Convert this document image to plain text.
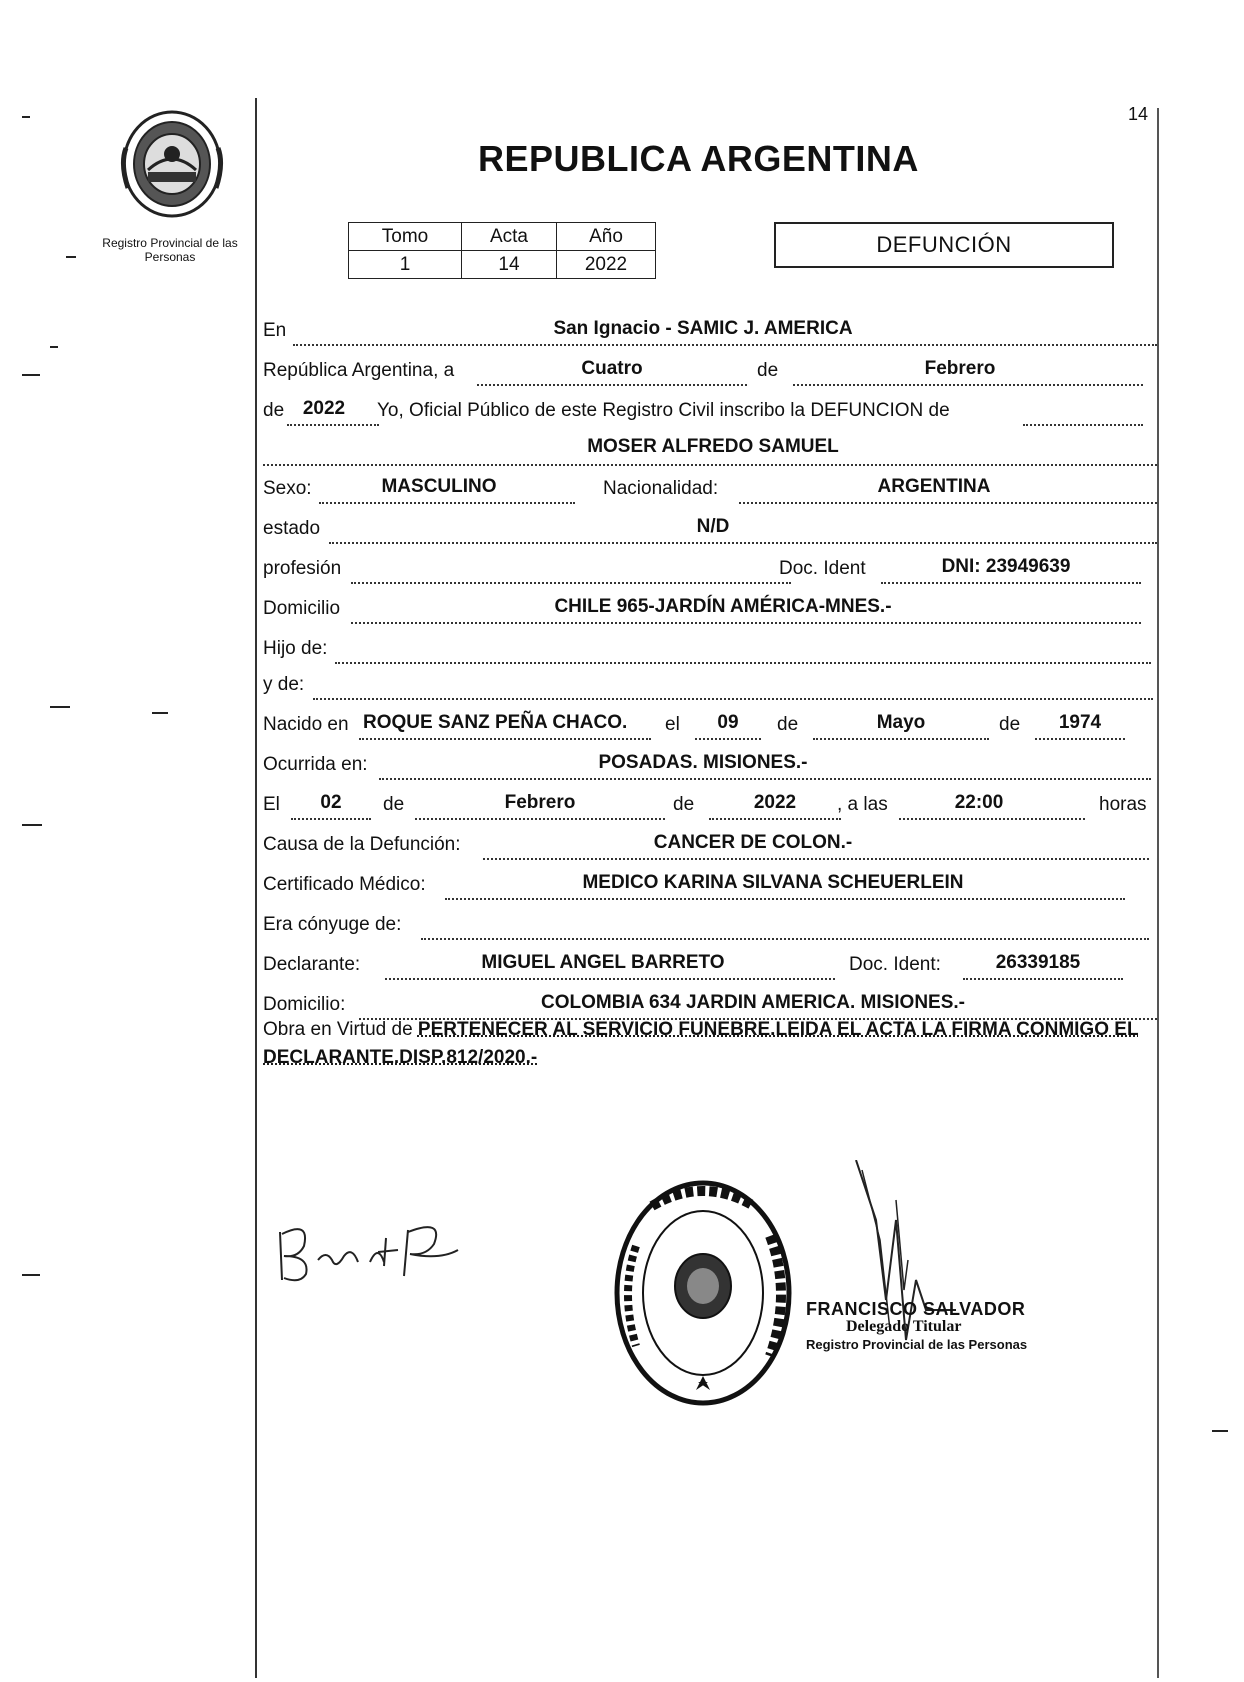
14
Registro Provincial de las Personas
REPUBLICA ARGENTINA
Tomo	Acta	Año
1	14	2022
DEFUNCIÓN
En	San Ignacio - SAMIC J. AMERICA
República Argentina, a	Cuatro	de	Febrero
de 2022	Yo, Oficial Público de este Registro Civil inscribo la DEFUNCION de
MOSER ALFREDO SAMUEL
Sexo:	MASCULINO	Nacionalidad:	ARGENTINA
estado	N/D
profesión	Doc. Ident	DNI: 23949639
Domicilio	CHILE 965-JARDÍN AMÉRICA-MNES.-
Hijo de:
y de:
Nacido en ROQUE SANZ PEÑA CHACO. el	09	de	Mayo	de	1974
Ocurrida en:	POSADAS. MISIONES.-
El	02	de	Febrero	de	2022	, a las	22:00	horas
Causa de la Defunción:	CANCER DE COLON.-
Certificado Médico:	MEDICO KARINA SILVANA SCHEUERLEIN
Era cónyuge de:
Declarante:	MIGUEL ANGEL BARRETO	Doc. Ident:	26339185
Domicilio:	COLOMBIA 634 JARDIN AMERICA. MISIONES.-
Obra en Virtud de PERTENECER AL SERVICIO FUNEBRE.LEIDA EL ACTA LA FIRMA CONMIGO EL DECLARANTE.DISP.812/2020.-
FRANCISCO SALVADOR
Delegado Titular
Registro Provincial de las Personas
